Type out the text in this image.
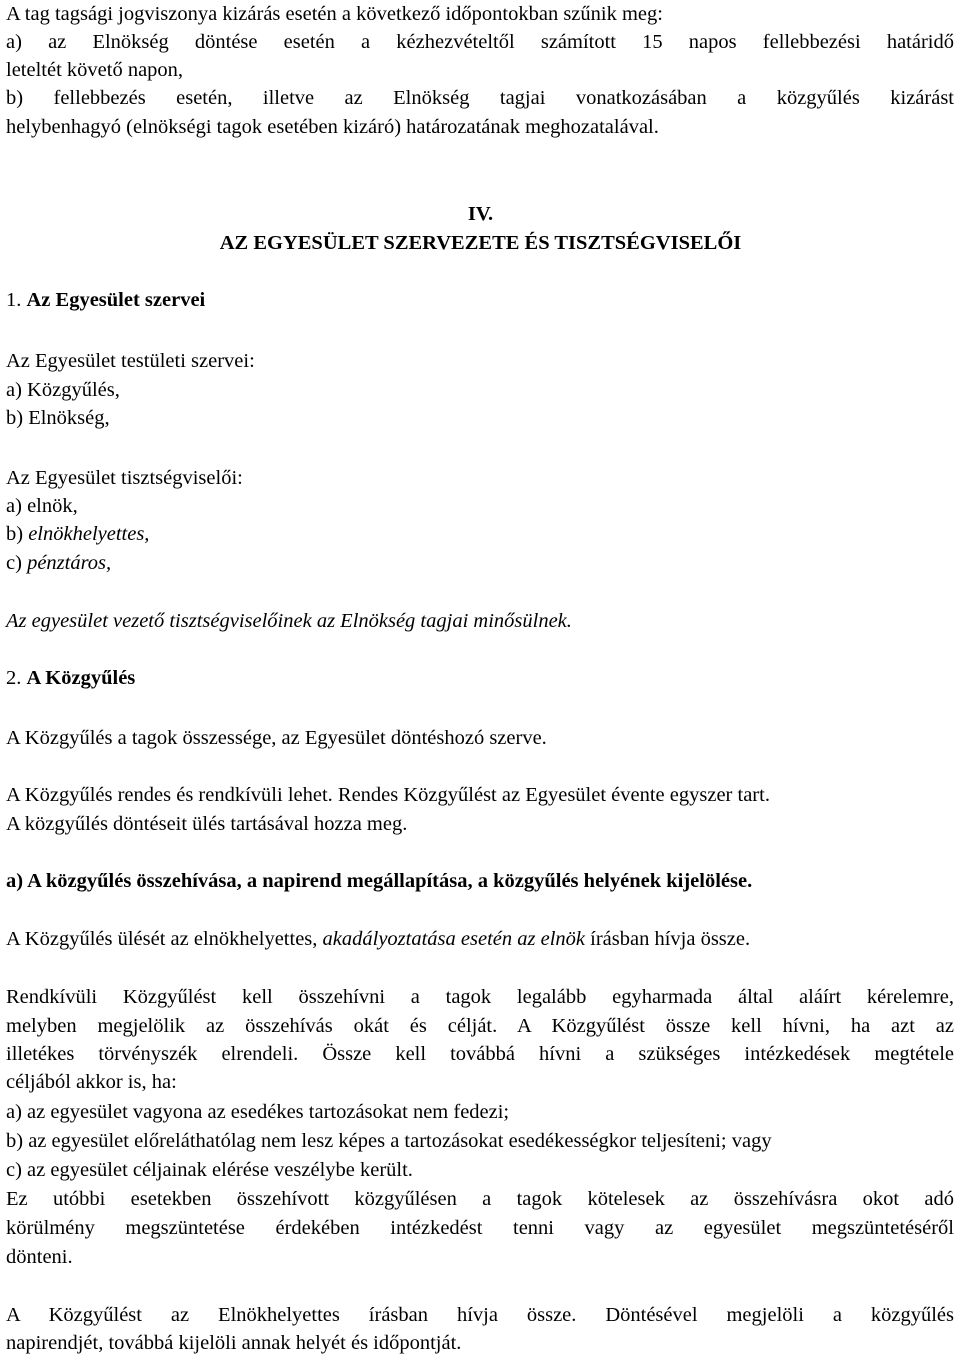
A tag tagsági jogviszonya kizárás esetén a következő időpontokban szűnik meg:
a) az Elnökség döntése esetén a kézhezvételtől számított 15 napos fellebbezési határidő
leteltét követő napon,
b) fellebbezés esetén, illetve az Elnökség tagjai vonatkozásában a közgyűlés kizárást
helybenhagyó (elnökségi tagok esetében kizáró) határozatának meghozatalával.
IV.
AZ EGYESÜLET SZERVEZETE ÉS TISZTSÉGVISELŐI
1. Az Egyesület szervei
Az Egyesület testületi szervei:
a) Közgyűlés,
b) Elnökség,
Az Egyesület tisztségviselői:
a) elnök,
b) elnökhelyettes,
c) pénztáros,
Az egyesület vezető tisztségviselőinek az Elnökség tagjai minősülnek.
2. A Közgyűlés
A Közgyűlés a tagok összessége, az Egyesület döntéshozó szerve.
A Közgyűlés rendes és rendkívüli lehet. Rendes Közgyűlést az Egyesület évente egyszer tart.
A közgyűlés döntéseit ülés tartásával hozza meg.
a) A közgyűlés összehívása, a napirend megállapítása, a közgyűlés helyének kijelölése.
A Közgyűlés ülését az elnökhelyettes, akadályoztatása esetén az elnök írásban hívja össze.
Rendkívüli Közgyűlést kell összehívni a tagok legalább egyharmada által aláírt kérelemre,
melyben megjelölik az összehívás okát és célját. A Közgyűlést össze kell hívni, ha azt az
illetékes törvényszék elrendeli. Össze kell továbbá hívni a szükséges intézkedések megtétele
céljából akkor is, ha:
a) az egyesület vagyona az esedékes tartozásokat nem fedezi;
b) az egyesület előreláthatólag nem lesz képes a tartozásokat esedékességkor teljesíteni; vagy
c) az egyesület céljainak elérése veszélybe került.
Ez utóbbi esetekben összehívott közgyűlésen a tagok kötelesek az összehívásra okot adó
körülmény megszüntetése érdekében intézkedést tenni vagy az egyesület megszüntetéséről
dönteni.
A Közgyűlést az Elnökhelyettes írásban hívja össze. Döntésével megjelöli a közgyűlés
napirendjét, továbbá kijelöli annak helyét és időpontját.
